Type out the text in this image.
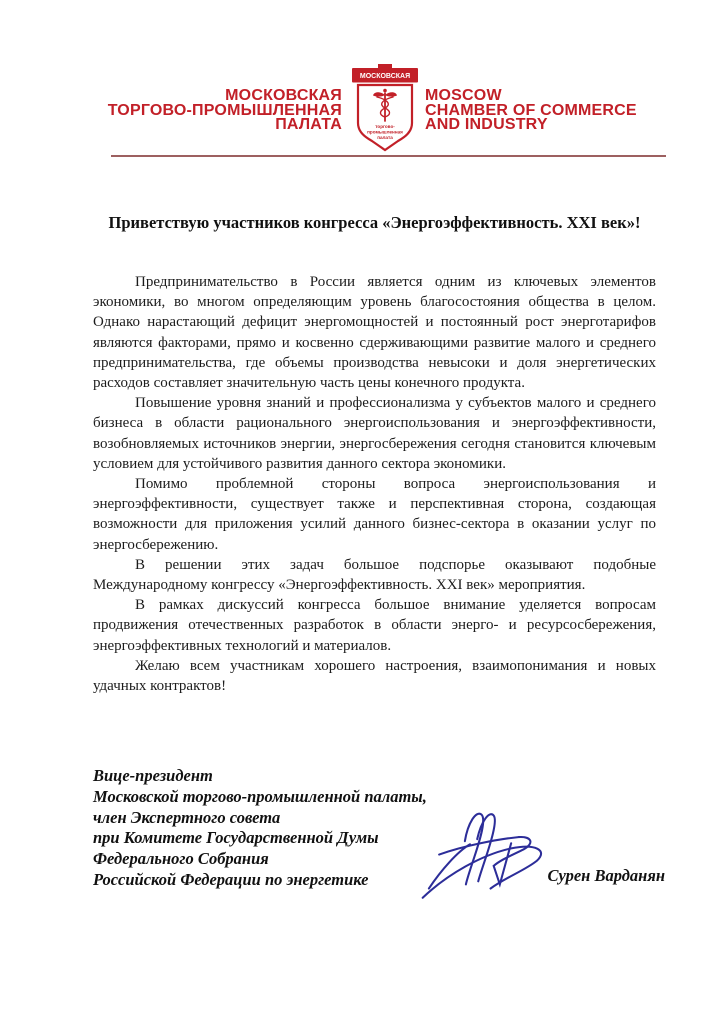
МОСКОВСКАЯ
ТОРГОВО-ПРОМЫШЛЕННАЯ
ПАЛАТА
МОСКОВСКАЯ
торгово-
промышленная
палата
MOSCOW
CHAMBER OF COMMERCE
AND INDUSTRY
Приветствую участников конгресса «Энергоэффективность. XXI век»!

Предпринимательство в России является одним из ключевых элементов экономики, во многом определяющим уровень благосостояния общества в целом. Однако нарастающий дефицит энергомощностей и постоянный рост энерготарифов являются факторами, прямо и косвенно сдерживающими развитие малого и среднего предпринимательства, где объемы производства невысоки и доля энергетических расходов составляет значительную часть цены конечного продукта.

Повышение уровня знаний и профессионализма у субъектов малого и среднего бизнеса в области рационального энергоиспользования и энергоэффективности, возобновляемых источников энергии, энергосбережения сегодня становится ключевым условием для устойчивого развития данного сектора экономики.

Помимо проблемной стороны вопроса энергоиспользования и энергоэффективности, существует также и перспективная сторона, создающая возможности для приложения усилий данного бизнес-сектора в оказании услуг по энергосбережению.

В решении этих задач большое подспорье оказывают подобные Международному конгрессу «Энергоэффективность. XXI век» мероприятия.

В рамках дискуссий конгресса большое внимание уделяется вопросам продвижения отечественных разработок в области энерго- и ресурсосбережения, энергоэффективных технологий и материалов.

Желаю всем участникам хорошего настроения, взаимопонимания и новых удачных контрактов!

Вице-президент
Московской торгово-промышленной палаты,
член Экспертного совета
при Комитете Государственной Думы
Федерального Собрания
Российской Федерации по энергетике	Сурен Варданян
